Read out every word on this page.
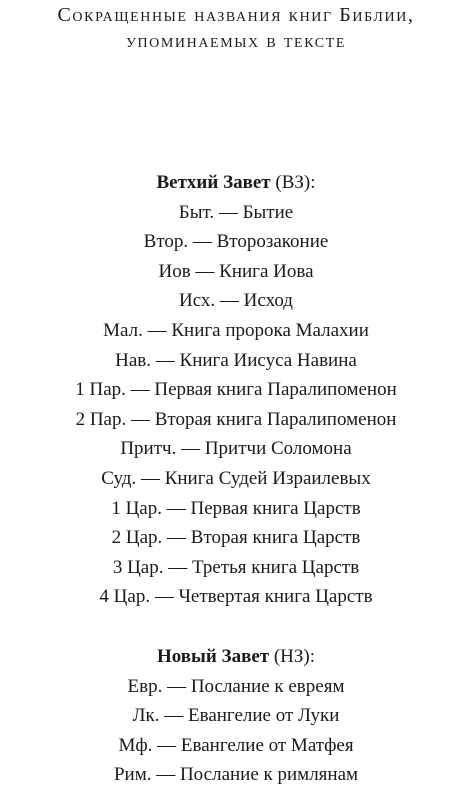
Сокращенные названия книг Библии,
упоминаемых в тексте
Ветхий Завет (ВЗ):
Быт. — Бытие
Втор. — Второзаконие
Иов — Книга Иова
Исх. — Исход
Мал. — Книга пророка Малахии
Нав. — Книга Иисуса Навина
1 Пар. — Первая книга Паралипоменон
2 Пар. — Вторая книга Паралипоменон
Притч. — Притчи Соломона
Суд. — Книга Судей Израилевых
1 Цар. — Первая книга Царств
2 Цар. — Вторая книга Царств
3 Цар. — Третья книга Царств
4 Цар. — Четвертая книга Царств
Новый Завет (НЗ):
Евр. — Послание к евреям
Лк. — Евангелие от Луки
Мф. — Евангелие от Матфея
Рим. — Послание к римлянам
